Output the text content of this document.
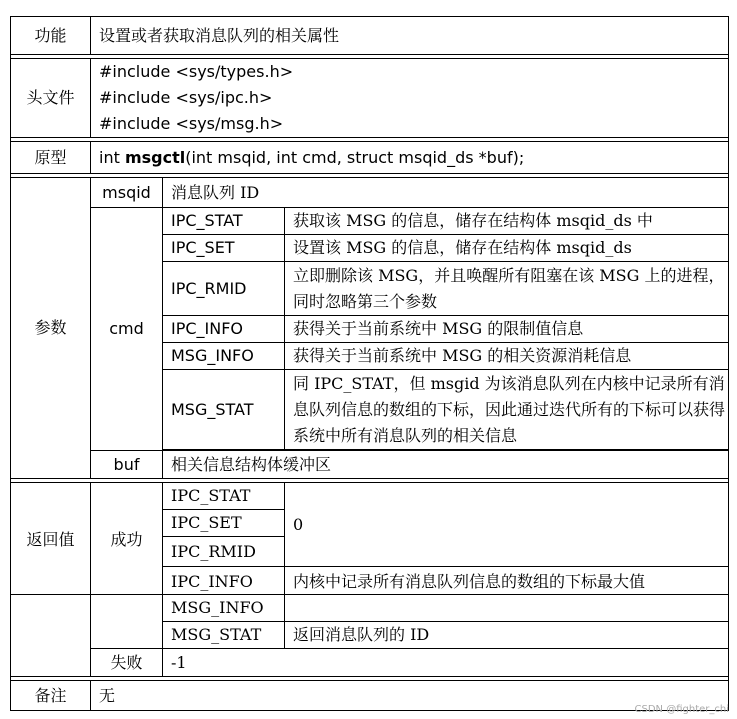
功能	设置或者获取消息队列的相关属性		

头文件	#include <sys/types.h>
#include <sys/ipc.h>
#include <sys/msg.h>		

原型	int msgctl(int msqid, int cmd, struct msqid_ds *buf);		

参数	msqid	消息队列 ID	
	cmd	IPC_STAT	获取该 MSG 的信息，储存在结构体 msqid_ds 中
		IPC_SET	设置该 MSG 的信息，储存在结构体 msqid_ds
		IPC_RMID	立即删除该 MSG，并且唤醒所有阻塞在该 MSG 上的进程，同时忽略第三个参数
		IPC_INFO	获得关于当前系统中 MSG 的限制值信息
		MSG_INFO	获得关于当前系统中 MSG 的相关资源消耗信息
		MSG_STAT	同 IPC_STAT，但 msgid 为该消息队列在内核中记录所有消息队列信息的数组的下标，因此通过迭代所有的下标可以获得系统中所有消息队列的相关信息

	buf	相关信息结构体缓冲区	

返回值	成功	IPC_STAT	0
		IPC_SET	
		IPC_RMID	
		IPC_INFO	内核中记录所有消息队列信息的数组的下标最大值
		MSG_INFO	
		MSG_STAT	返回消息队列的 ID
	失败	-1	

备注	无		
CSDN @fighter_chi
